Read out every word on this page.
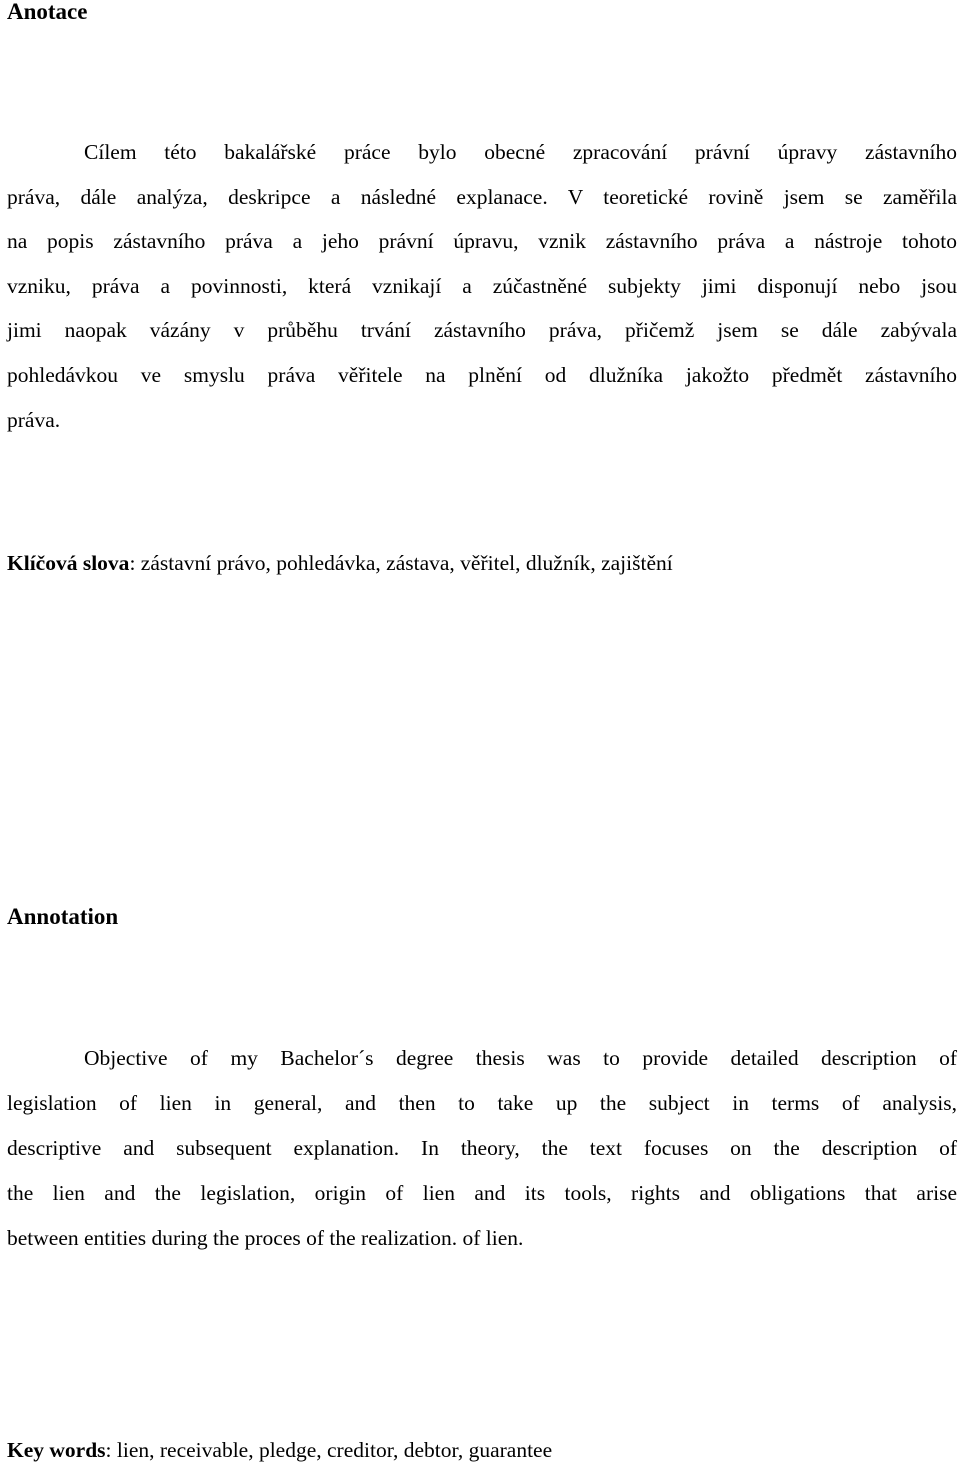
Anotace
Cílem této bakalářské práce bylo obecné zpracování právní úpravy zástavního
práva, dále analýza, deskripce a následné explanace. V teoretické rovině jsem se zaměřila
na popis zástavního práva a jeho právní úpravu, vznik zástavního práva a nástroje tohoto
vzniku, práva a povinnosti, která vznikají a zúčastněné subjekty jimi disponují nebo jsou
jimi naopak vázány v průběhu trvání zástavního práva, přičemž jsem se dále zabývala
pohledávkou ve smyslu práva věřitele na plnění od dlužníka jakožto předmět zástavního
práva.

Klíčová slova: zástavní právo, pohledávka, zástava, věřitel, dlužník, zajištění

Annotation
Objective of my Bachelor´s degree thesis was to provide detailed description of
legislation of lien in general, and then to take up the subject in terms of analysis,
descriptive and subsequent explanation. In theory, the text focuses on the description of
the lien and the legislation, origin of lien and its tools, rights and obligations that arise
between entities during the proces of the realization. of lien.

Key words: lien, receivable, pledge, creditor, debtor, guarantee
